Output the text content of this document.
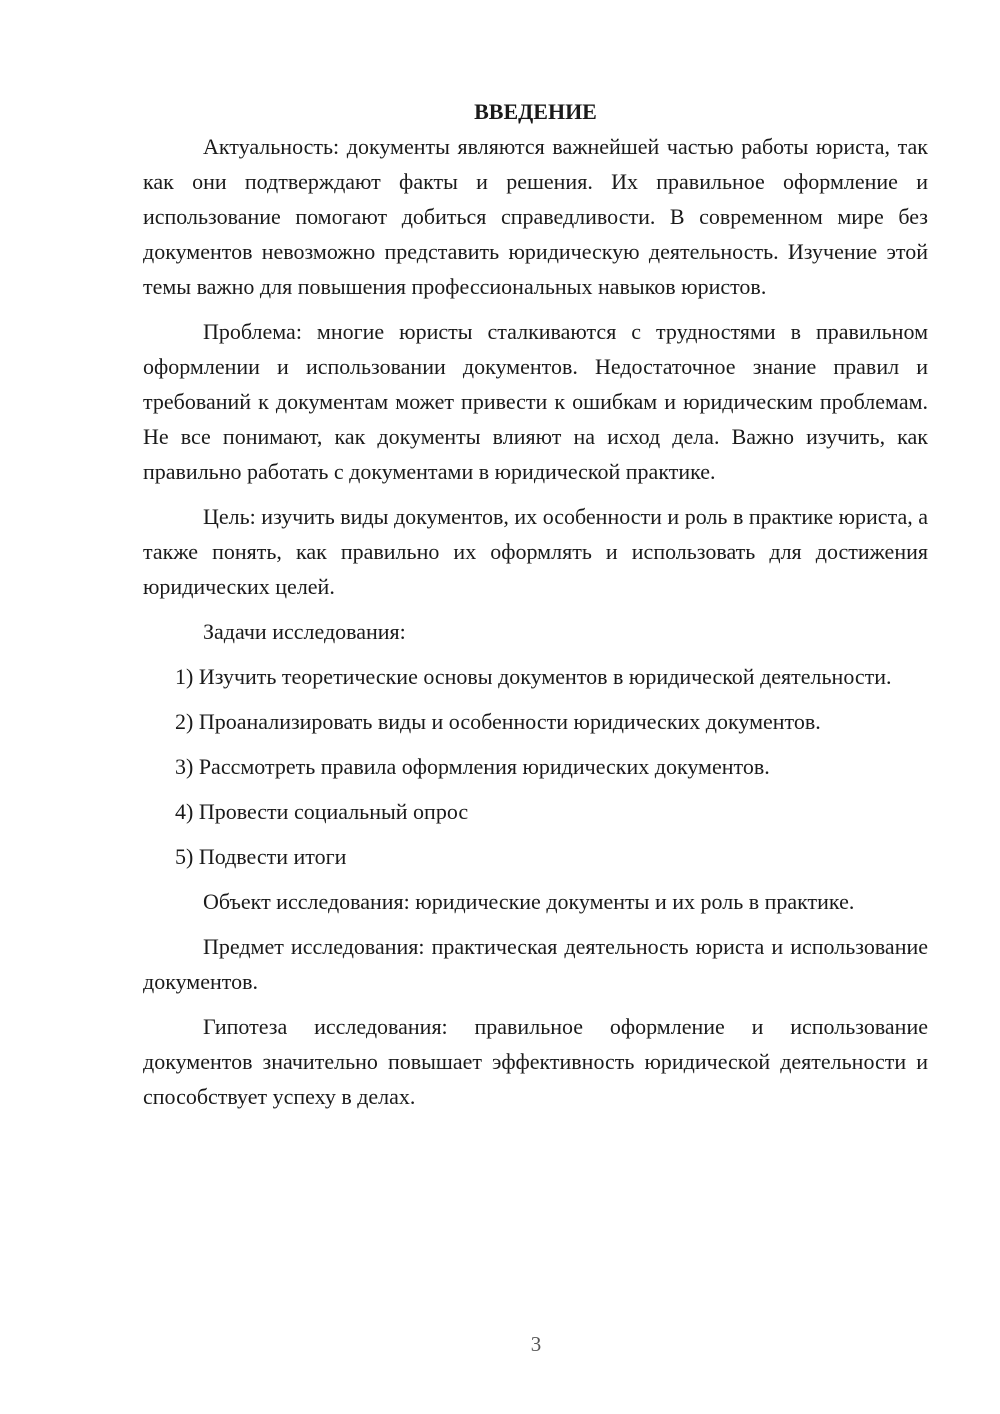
ВВЕДЕНИЕ

Актуальность: документы являются важнейшей частью работы юриста, так как они подтверждают факты и решения. Их правильное оформление и использование помогают добиться справедливости. В современном мире без документов невозможно представить юридическую деятельность. Изучение этой темы важно для повышения профессиональных навыков юристов.

Проблема: многие юристы сталкиваются с трудностями в правильном оформлении и использовании документов. Недостаточное знание правил и требований к документам может привести к ошибкам и юридическим проблемам. Не все понимают, как документы влияют на исход дела. Важно изучить, как правильно работать с документами в юридической практике.

Цель: изучить виды документов, их особенности и роль в практике юриста, а также понять, как правильно их оформлять и использовать для достижения юридических целей.

Задачи исследования:

1) Изучить теоретические основы документов в юридической деятельности.

2) Проанализировать виды и особенности юридических документов.

3) Рассмотреть правила оформления юридических документов.

4) Провести социальный опрос

5) Подвести итоги

Объект исследования: юридические документы и их роль в практике.

Предмет исследования: практическая деятельность юриста и использование документов.

Гипотеза исследования: правильное оформление и использование документов значительно повышает эффективность юридической деятельности и способствует успеху в делах.

3
